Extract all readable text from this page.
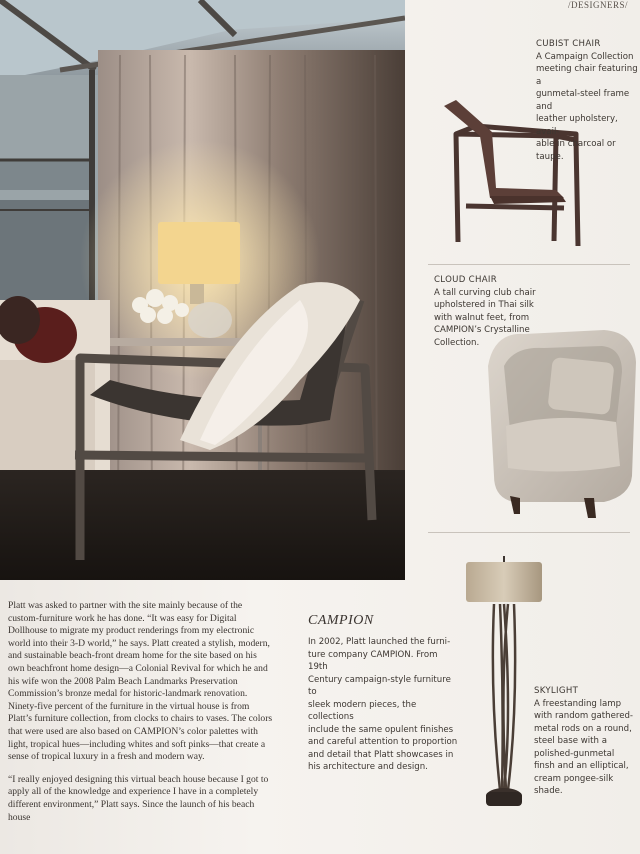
/DESIGNERS/
CUBIST CHAIR
A Campaign Collection
meeting chair featuring a
gunmetal-steel frame and
leather upholstery, avail-
able in charcoal or taupe.
CLOUD CHAIR
A tall curving club chair
upholstered in Thai silk
with walnut feet, from
CAMPION’s Crystalline
Collection.
SKYLIGHT
A freestanding lamp
with random gathered-
metal rods on a round,
steel base with a
polished-gunmetal
finsh and an elliptical,
cream pongee-silk
shade.

Platt was asked to partner with the site mainly because of the custom-furniture work he has done. “It was easy for Digital Dollhouse to migrate my product renderings from my electronic world into their 3-D world,” he says. Platt created a stylish, modern, and sustainable beach-front dream home for the site based on his own beachfront home design—a Colonial Revival for which he and his wife won the 2008 Palm Beach Landmarks Preservation Commission’s bronze medal for historic-landmark renovation. Ninety-five percent of the furniture in the virtual house is from Platt’s furniture collection, from clocks to chairs to vases. The colors that were used are also based on CAMPION’s color palettes with light, tropical hues—including whites and soft pinks—that create a sense of tropical luxury in a fresh and modern way.

“I really enjoyed designing this virtual beach house because I got to apply all of the knowledge and experience I have in a completely different environment,” Platt says. Since the launch of his beach house

CAMPION
In 2002, Platt launched the furni-
ture company CAMPION. From 19th
Century campaign-style furniture to
sleek modern pieces, the collections
include the same opulent finishes
and careful attention to proportion
and detail that Platt showcases in
his architecture and design.
